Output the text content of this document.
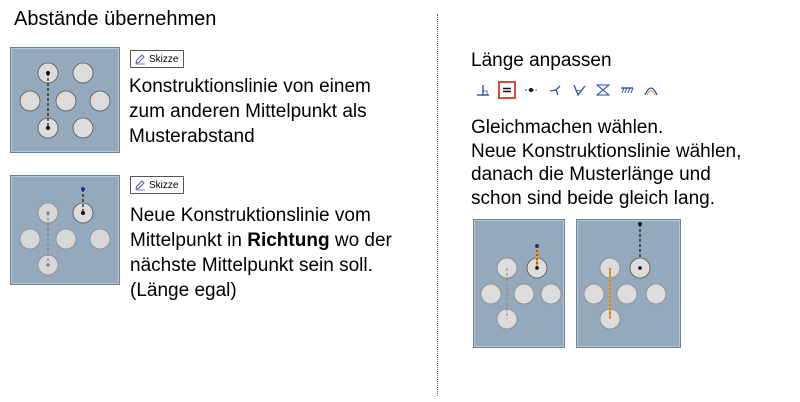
Abstände übernehmen
Skizze
Konstruktionslinie von einem
zum anderen Mittelpunkt als
Musterabstand
Skizze
Neue Konstruktionslinie vom
Mittelpunkt in Richtung wo der
nächste Mittelpunkt sein soll.
(Länge egal)
Länge anpassen
Gleichmachen wählen.
Neue Konstruktionslinie wählen,
danach die Musterlänge und
schon sind beide gleich lang.
